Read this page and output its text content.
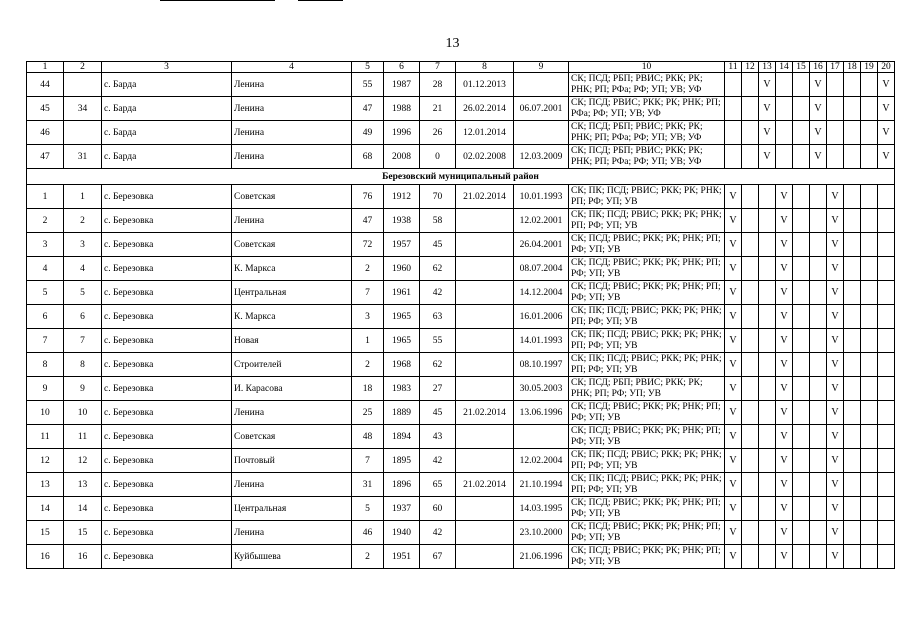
13
1	2	3	4	5	6	7	8	9	10	11	12	13	14	15	16	17	18	19	20
44		с. Барда	Ленина	55	1987	28	01.12.2013		СК; ПСД; РБП; РВИС; РКК; РК; РНК; РП; РФа; РФ; УП; УВ; УФ			V			V				V
45	34	с. Барда	Ленина	47	1988	21	26.02.2014	06.07.2001	СК; ПСД; РВИС; РКК; РК; РНК; РП; РФа; РФ; УП; УВ; УФ			V			V				V
46		с. Барда	Ленина	49	1996	26	12.01.2014		СК; ПСД; РБП; РВИС; РКК; РК; РНК; РП; РФа; РФ; УП; УВ; УФ			V			V				V
47	31	с. Барда	Ленина	68	2008	0	02.02.2008	12.03.2009	СК; ПСД; РБП; РВИС; РКК; РК; РНК; РП; РФа; РФ; УП; УВ; УФ			V			V				V
Березовский муниципальный район																			
1	1	с. Березовка	Советская	76	1912	70	21.02.2014	10.01.1993	СК; ПК; ПСД; РВИС; РКК; РК; РНК; РП; РФ; УП; УВ	V			V			V			
2	2	с. Березовка	Ленина	47	1938	58		12.02.2001	СК; ПК; ПСД; РВИС; РКК; РК; РНК; РП; РФ; УП; УВ	V			V			V			
3	3	с. Березовка	Советская	72	1957	45		26.04.2001	СК; ПСД; РВИС; РКК; РК; РНК; РП; РФ; УП; УВ	V			V			V			
4	4	с. Березовка	К. Маркса	2	1960	62		08.07.2004	СК; ПСД; РВИС; РКК; РК; РНК; РП; РФ; УП; УВ	V			V			V			
5	5	с. Березовка	Центральная	7	1961	42		14.12.2004	СК; ПСД; РВИС; РКК; РК; РНК; РП; РФ; УП; УВ	V			V			V			
6	6	с. Березовка	К. Маркса	3	1965	63		16.01.2006	СК; ПК; ПСД; РВИС; РКК; РК; РНК; РП; РФ; УП; УВ	V			V			V			
7	7	с. Березовка	Новая	1	1965	55		14.01.1993	СК; ПК; ПСД; РВИС; РКК; РК; РНК; РП; РФ; УП; УВ	V			V			V			
8	8	с. Березовка	Строителей	2	1968	62		08.10.1997	СК; ПК; ПСД; РВИС; РКК; РК; РНК; РП; РФ; УП; УВ	V			V			V			
9	9	с. Березовка	И. Карасова	18	1983	27		30.05.2003	СК; ПСД; РБП; РВИС; РКК; РК; РНК; РП; РФ; УП; УВ	V			V			V			
10	10	с. Березовка	Ленина	25	1889	45	21.02.2014	13.06.1996	СК; ПСД; РВИС; РКК; РК; РНК; РП; РФ; УП; УВ	V			V			V			
11	11	с. Березовка	Советская	48	1894	43			СК; ПСД; РВИС; РКК; РК; РНК; РП; РФ; УП; УВ	V			V			V			
12	12	с. Березовка	Почтовый	7	1895	42		12.02.2004	СК; ПК; ПСД; РВИС; РКК; РК; РНК; РП; РФ; УП; УВ	V			V			V			
13	13	с. Березовка	Ленина	31	1896	65	21.02.2014	21.10.1994	СК; ПК; ПСД; РВИС; РКК; РК; РНК; РП; РФ; УП; УВ	V			V			V			
14	14	с. Березовка	Центральная	5	1937	60		14.03.1995	СК; ПСД; РВИС; РКК; РК; РНК; РП; РФ; УП; УВ	V			V			V			
15	15	с. Березовка	Ленина	46	1940	42		23.10.2000	СК; ПСД; РВИС; РКК; РК; РНК; РП; РФ; УП; УВ	V			V			V			
16	16	с. Березовка	Куйбышева	2	1951	67		21.06.1996	СК; ПСД; РВИС; РКК; РК; РНК; РП; РФ; УП; УВ	V			V			V			
